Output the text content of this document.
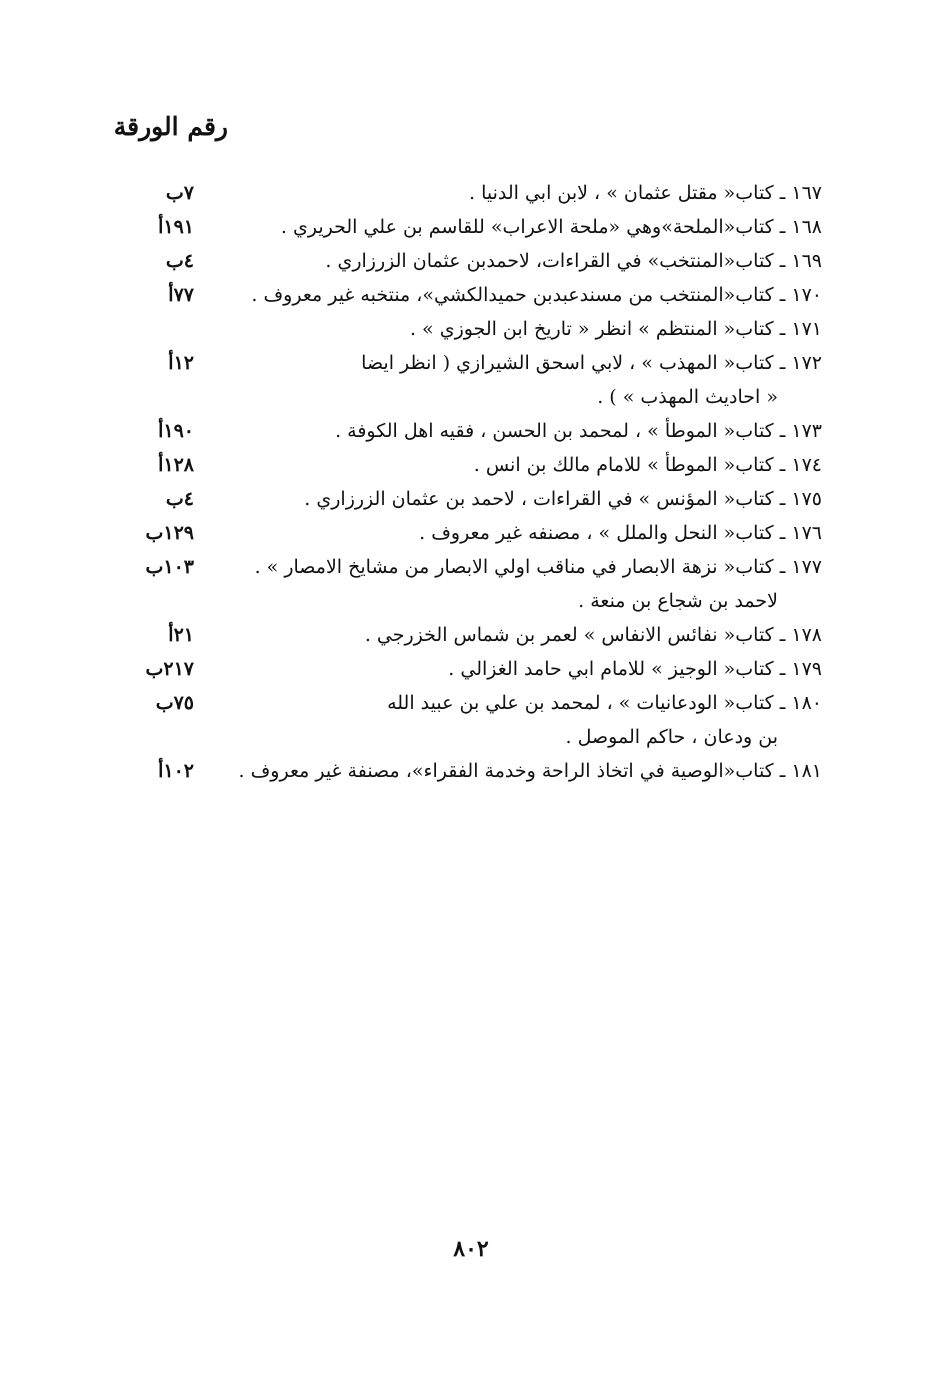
رقم الورقة
٧ب	١٦٧ ـ كتاب« مقتل عثمان » ، لابن ابي الدنيا .
١٩١أ	١٦٨ ـ كتاب«الملحة»وهي «ملحة الاعراب» للقاسم بن علي الحريري .
٤ب	١٦٩ ـ كتاب«المنتخب» في القراءات، لاحمدبن عثمان الزرزاري .
٧٧أ	١٧٠ ـ كتاب«المنتخب من مسندعبدبن حميدالكشي»، منتخبه غير معروف .
١٧١ ـ كتاب« المنتظم » انظر « تاريخ ابن الجوزي » .
١٢أ	١٧٢ ـ كتاب« المهذب » ، لابي اسحق الشيرازي ( انظر ايضا
« احاديث المهذب » ) .
١٩٠أ	١٧٣ ـ كتاب« الموطأ » ، لمحمد بن الحسن ، فقيه اهل الكوفة .
١٢٨أ	١٧٤ ـ كتاب« الموطأ » للامام مالك بن انس .
٤ب	١٧٥ ـ كتاب« المؤنس » في القراءات ، لاحمد بن عثمان الزرزاري .
١٢٩ب	١٧٦ ـ كتاب« النحل والملل » ، مصنفه غير معروف .
١٠٣ب	١٧٧ ـ كتاب« نزهة الابصار في مناقب اولي الابصار من مشايخ الامصار » .
لاحمد بن شجاع بن منعة .
٢١أ	١٧٨ ـ كتاب« نفائس الانفاس » لعمر بن شماس الخزرجي .
٢١٧ب	١٧٩ ـ كتاب« الوجيز » للامام ابي حامد الغزالي .
٧٥ب	١٨٠ ـ كتاب« الودعانيات » ، لمحمد بن علي بن عبيد الله
بن ودعان ، حاكم الموصل .
١٠٢أ	١٨١ ـ كتاب«الوصية في اتخاذ الراحة وخدمة الفقراء»، مصنفة غير معروف .
٨٠٢
